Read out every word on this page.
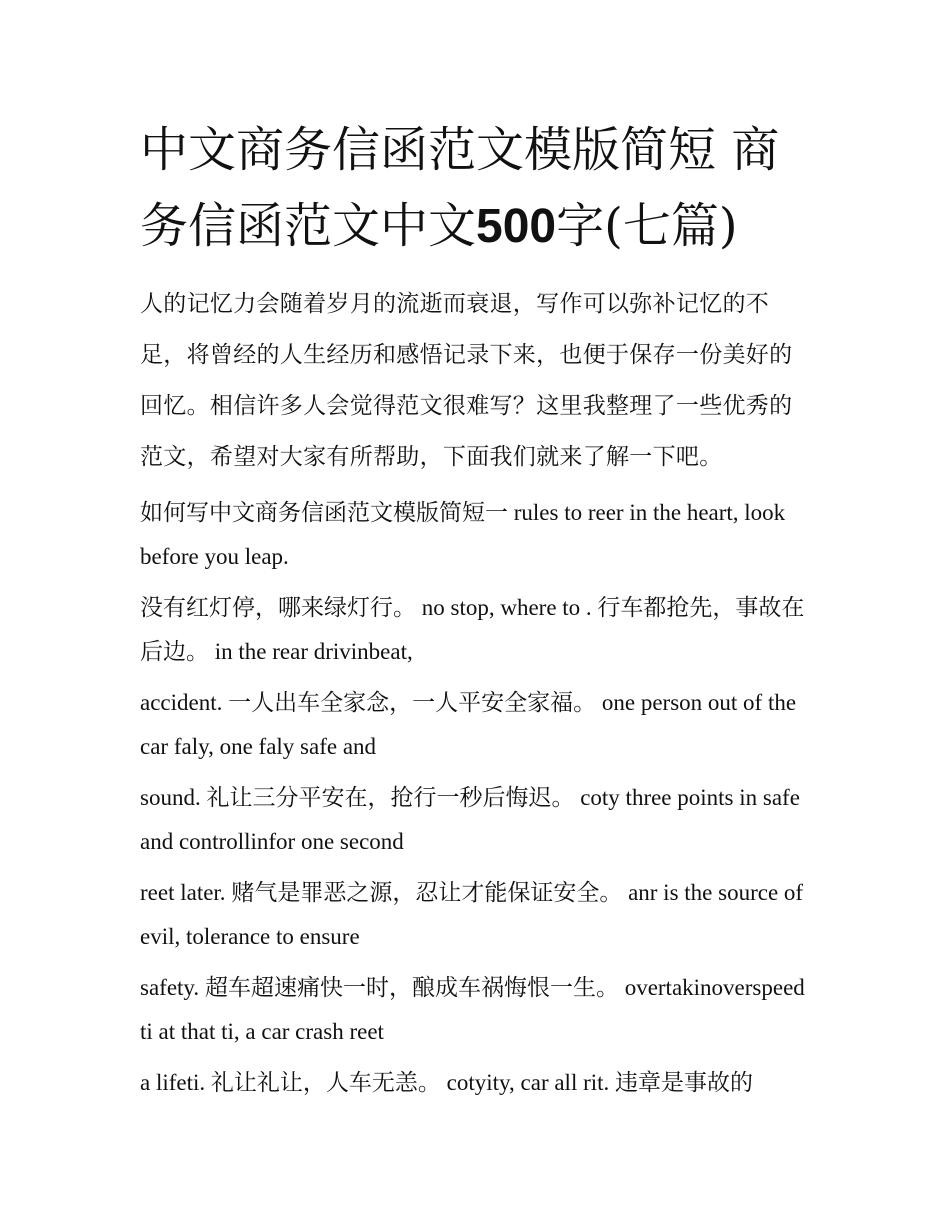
中文商务信函范文模版简短 商务信函范文中文500字(七篇)

人的记忆力会随着岁月的流逝而衰退，写作可以弥补记忆的不足，将曾经的人生经历和感悟记录下来，也便于保存一份美好的回忆。相信许多人会觉得范文很难写？这里我整理了一些优秀的范文，希望对大家有所帮助，下面我们就来了解一下吧。

如何写中文商务信函范文模版简短一 rules to reer in the heart, look before you leap.

没有红灯停，哪来绿灯行。 no stop, where to . 行车都抢先，事故在后边。 in the rear drivinbeat,

accident. 一人出车全家念，一人平安全家福。 one person out of the car faly, one faly safe and

sound. 礼让三分平安在，抢行一秒后悔迟。 coty three points in safe and controllinfor one second

reet later. 赌气是罪恶之源，忍让才能保证安全。 anr is the source of evil, tolerance to ensure

safety. 超车超速痛快一时，酿成车祸悔恨一生。 overtakinoverspeed ti at that ti, a car crash reet

a lifeti. 礼让礼让，人车无恙。 cotyity, car all rit. 违章是事故的
